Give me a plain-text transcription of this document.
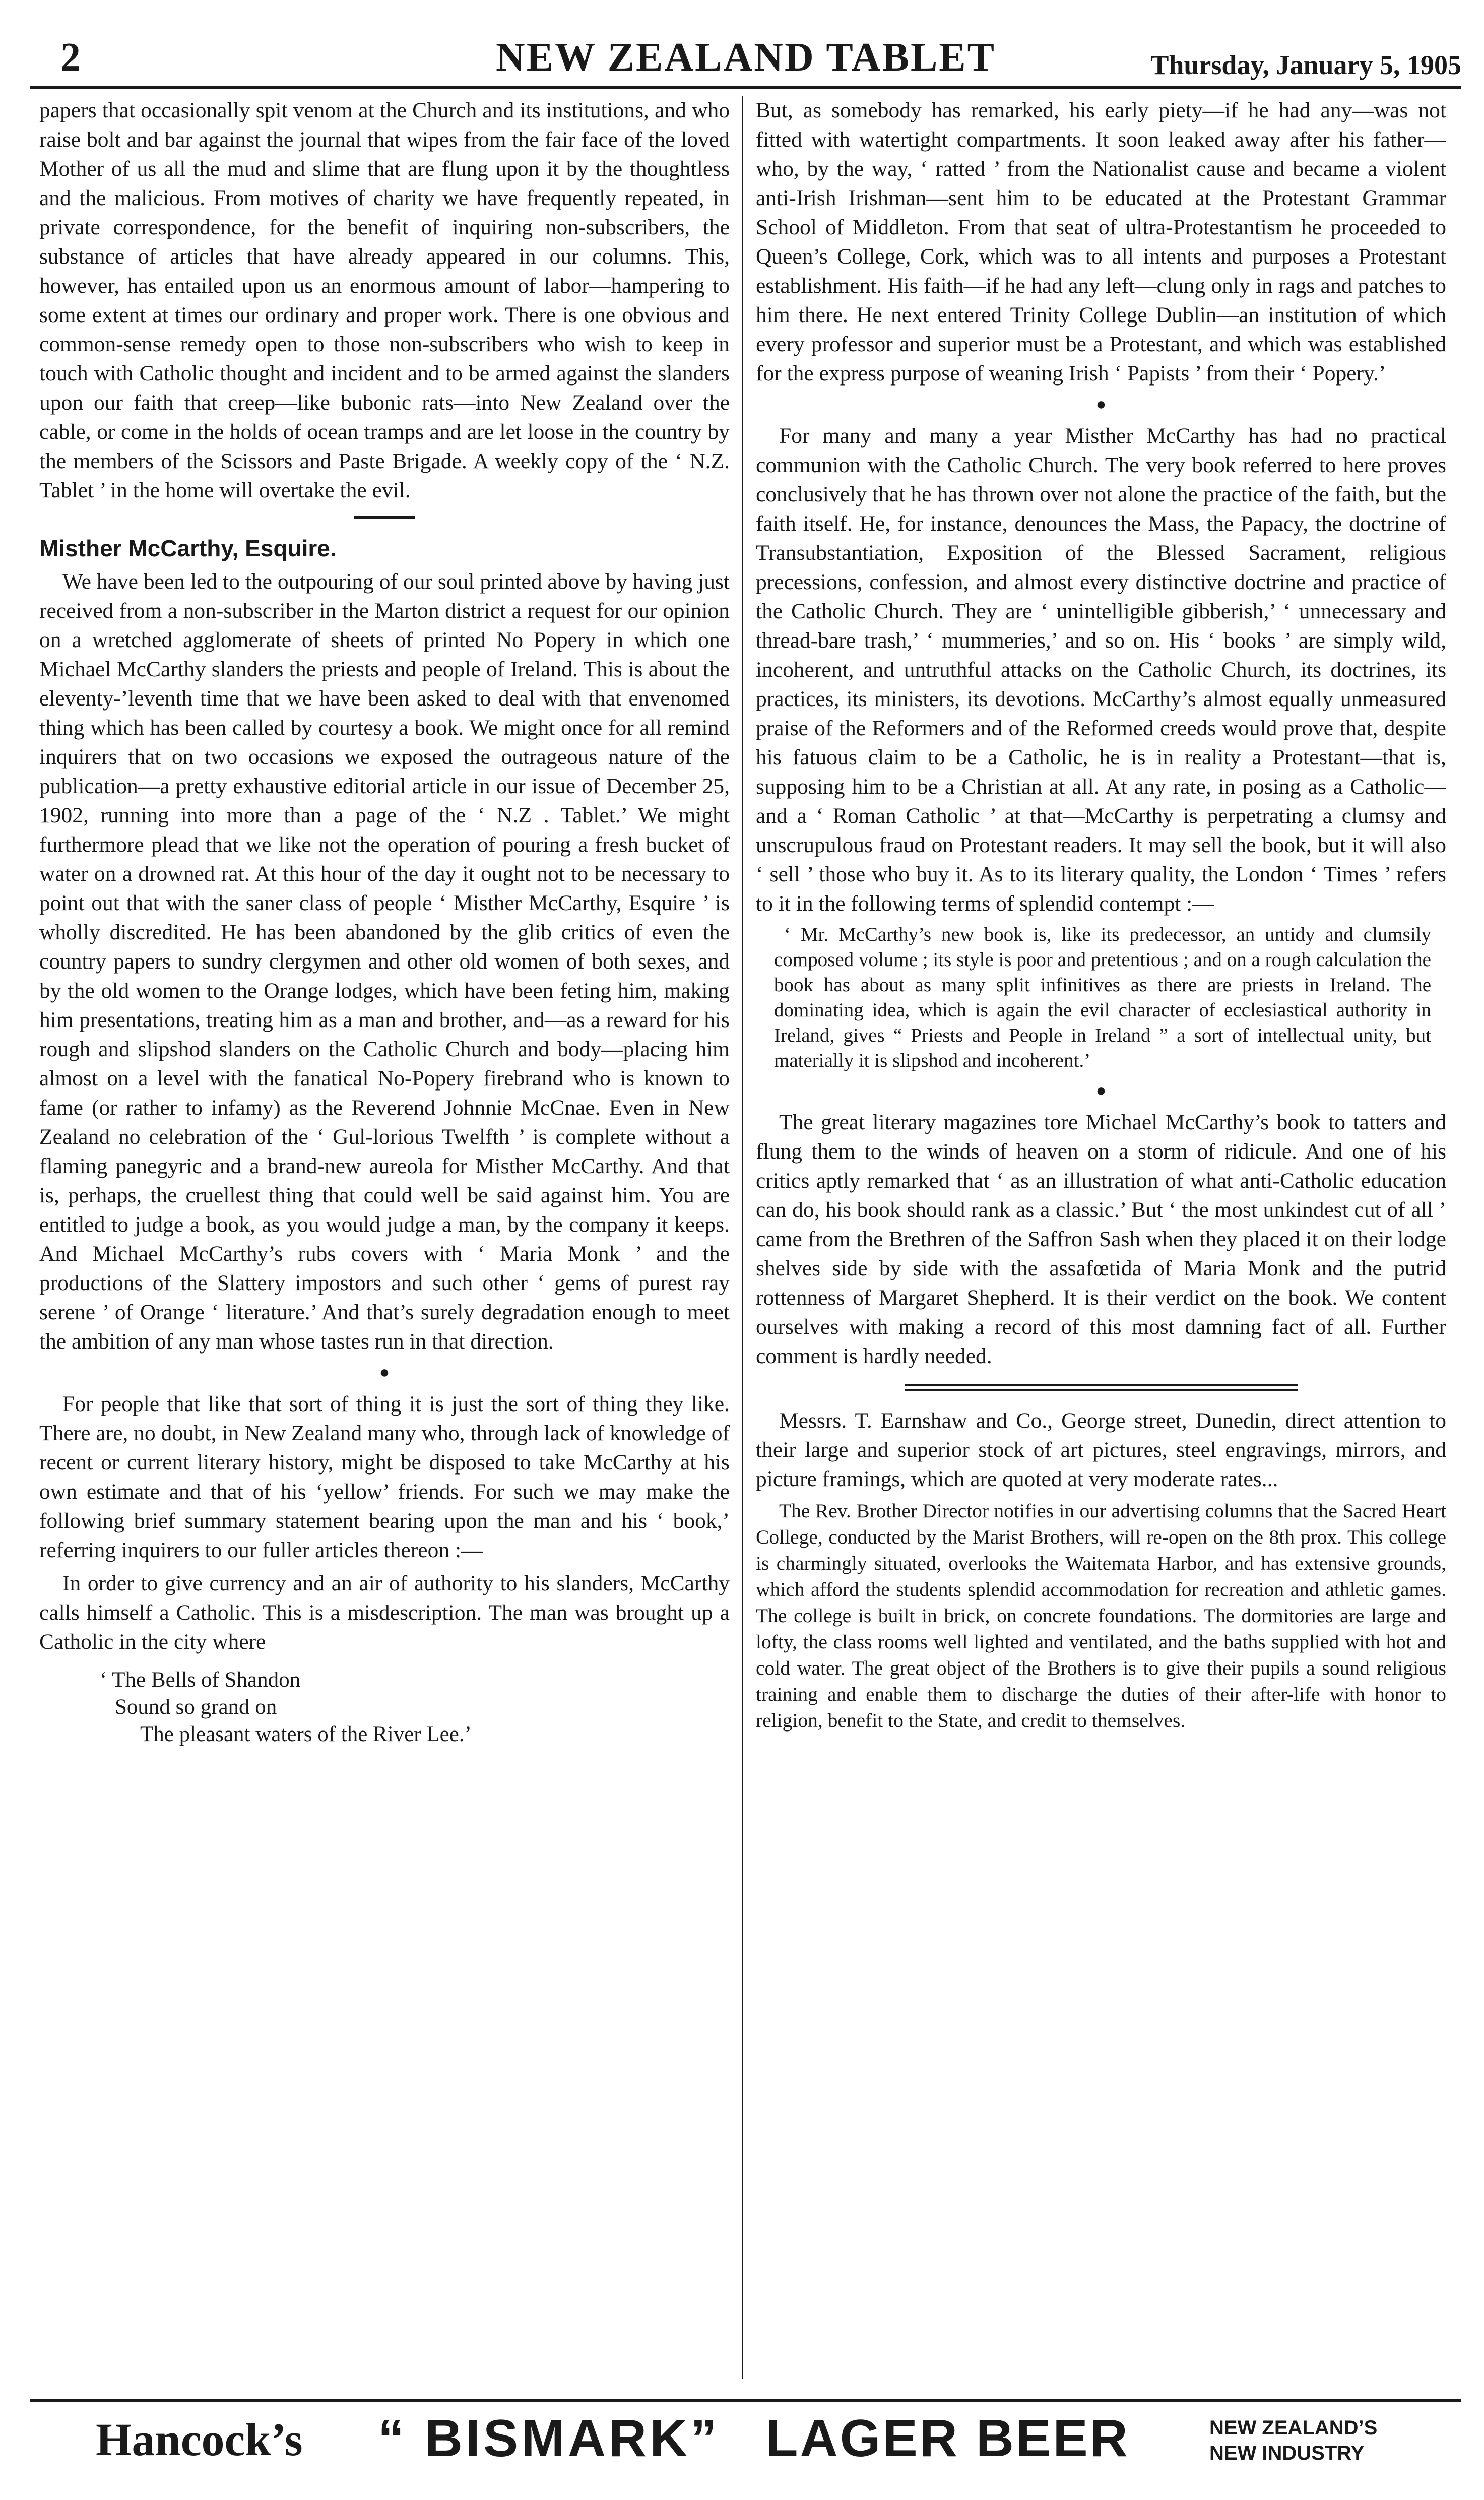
2	NEW ZEALAND TABLET	Thursday, January 5, 1905

papers that occasionally spit venom at the Church and its institutions, and who raise bolt and bar against the journal that wipes from the fair face of the loved Mother of us all the mud and slime that are flung upon it by the thoughtless and the malicious. From motives of charity we have frequently repeated, in private correspondence, for the benefit of inquiring non-subscribers, the substance of articles that have already appeared in our columns. This, however, has entailed upon us an enormous amount of labor—hampering to some extent at times our ordinary and proper work. There is one obvious and common-sense remedy open to those non-subscribers who wish to keep in touch with Catholic thought and incident and to be armed against the slanders upon our faith that creep—like bubonic rats—into New Zealand over the cable, or come in the holds of ocean tramps and are let loose in the country by the members of the Scissors and Paste Brigade. A weekly copy of the ‘ N.Z. Tablet ’ in the home will overtake the evil.

Misther McCarthy, Esquire.

We have been led to the outpouring of our soul printed above by having just received from a non-subscriber in the Marton district a request for our opinion on a wretched agglomerate of sheets of printed No Popery in which one Michael McCarthy slanders the priests and people of Ireland. This is about the eleventy-’leventh time that we have been asked to deal with that envenomed thing which has been called by courtesy a book. We might once for all remind inquirers that on two occasions we exposed the outrageous nature of the publication—a pretty exhaustive editorial article in our issue of December 25, 1902, running into more than a page of the ‘ N.Z . Tablet.’ We might furthermore plead that we like not the operation of pouring a fresh bucket of water on a drowned rat. At this hour of the day it ought not to be necessary to point out that with the saner class of people ‘ Misther McCarthy, Esquire ’ is wholly discredited. He has been abandoned by the glib critics of even the country papers to sundry clergymen and other old women of both sexes, and by the old women to the Orange lodges, which have been feting him, making him presentations, treating him as a man and brother, and—as a reward for his rough and slipshod slanders on the Catholic Church and body—placing him almost on a level with the fanatical No-Popery firebrand who is known to fame (or rather to infamy) as the Reverend Johnnie McCnae. Even in New Zealand no celebration of the ‘ Gul-lorious Twelfth ’ is complete without a flaming panegyric and a brand-new aureola for Misther McCarthy. And that is, perhaps, the cruellest thing that could well be said against him. You are entitled to judge a book, as you would judge a man, by the company it keeps. And Michael McCarthy’s rubs covers with ‘ Maria Monk ’ and the productions of the Slattery impostors and such other ‘ gems of purest ray serene ’ of Orange ‘ literature.’ And that’s surely degradation enough to meet the ambition of any man whose tastes run in that direction.

●

For people that like that sort of thing it is just the sort of thing they like. There are, no doubt, in New Zealand many who, through lack of knowledge of recent or current literary history, might be disposed to take McCarthy at his own estimate and that of his ‘yellow’ friends. For such we may make the following brief summary statement bearing upon the man and his ‘ book,’ referring inquirers to our fuller articles thereon :—

In order to give currency and an air of authority to his slanders, McCarthy calls himself a Catholic. This is a misdescription. The man was brought up a Catholic in the city where

‘ The Bells of Shandon
Sound so grand on
The pleasant waters of the River Lee.’

But, as somebody has remarked, his early piety—if he had any—was not fitted with watertight compartments. It soon leaked away after his father—who, by the way, ‘ ratted ’ from the Nationalist cause and became a violent anti-Irish Irishman—sent him to be educated at the Protestant Grammar School of Middleton. From that seat of ultra-Protestantism he proceeded to Queen’s College, Cork, which was to all intents and purposes a Protestant establishment. His faith—if he had any left—clung only in rags and patches to him there. He next entered Trinity College Dublin—an institution of which every professor and superior must be a Protestant, and which was established for the express purpose of weaning Irish ‘ Papists ’ from their ‘ Popery.’

●

For many and many a year Misther McCarthy has had no practical communion with the Catholic Church. The very book referred to here proves conclusively that he has thrown over not alone the practice of the faith, but the faith itself. He, for instance, denounces the Mass, the Papacy, the doctrine of Transubstantiation, Exposition of the Blessed Sacrament, religious precessions, confession, and almost every distinctive doctrine and practice of the Catholic Church. They are ‘ unintelligible gibberish,’ ‘ unnecessary and thread-bare trash,’ ‘ mummeries,’ and so on. His ‘ books ’ are simply wild, incoherent, and untruthful attacks on the Catholic Church, its doctrines, its practices, its ministers, its devotions. McCarthy’s almost equally unmeasured praise of the Reformers and of the Reformed creeds would prove that, despite his fatuous claim to be a Catholic, he is in reality a Protestant—that is, supposing him to be a Christian at all. At any rate, in posing as a Catholic—and a ‘ Roman Catholic ’ at that—McCarthy is perpetrating a clumsy and unscrupulous fraud on Protestant readers. It may sell the book, but it will also ‘ sell ’ those who buy it. As to its literary quality, the London ‘ Times ’ refers to it in the following terms of splendid contempt :—

‘ Mr. McCarthy’s new book is, like its predecessor, an untidy and clumsily composed volume ; its style is poor and pretentious ; and on a rough calculation the book has about as many split infinitives as there are priests in Ireland. The dominating idea, which is again the evil character of ecclesiastical authority in Ireland, gives “ Priests and People in Ireland ” a sort of intellectual unity, but materially it is slipshod and incoherent.’

●

The great literary magazines tore Michael McCarthy’s book to tatters and flung them to the winds of heaven on a storm of ridicule. And one of his critics aptly remarked that ‘ as an illustration of what anti-Catholic education can do, his book should rank as a classic.’ But ‘ the most unkindest cut of all ’ came from the Brethren of the Saffron Sash when they placed it on their lodge shelves side by side with the assafœtida of Maria Monk and the putrid rottenness of Margaret Shepherd. It is their verdict on the book. We content ourselves with making a record of this most damning fact of all. Further comment is hardly needed.

Messrs. T. Earnshaw and Co., George street, Dunedin, direct attention to their large and superior stock of art pictures, steel engravings, mirrors, and picture framings, which are quoted at very moderate rates...

The Rev. Brother Director notifies in our advertising columns that the Sacred Heart College, conducted by the Marist Brothers, will re-open on the 8th prox. This college is charmingly situated, overlooks the Waitemata Harbor, and has extensive grounds, which afford the students splendid accommodation for recreation and athletic games. The college is built in brick, on concrete foundations. The dormitories are large and lofty, the class rooms well lighted and ventilated, and the baths supplied with hot and cold water. The great object of the Brothers is to give their pupils a sound religious training and enable them to discharge the duties of their after-life with honor to religion, benefit to the State, and credit to themselves.

Hancock’s “ BISMARK” LAGER BEER	NEW ZEALAND’S
NEW INDUSTRY
